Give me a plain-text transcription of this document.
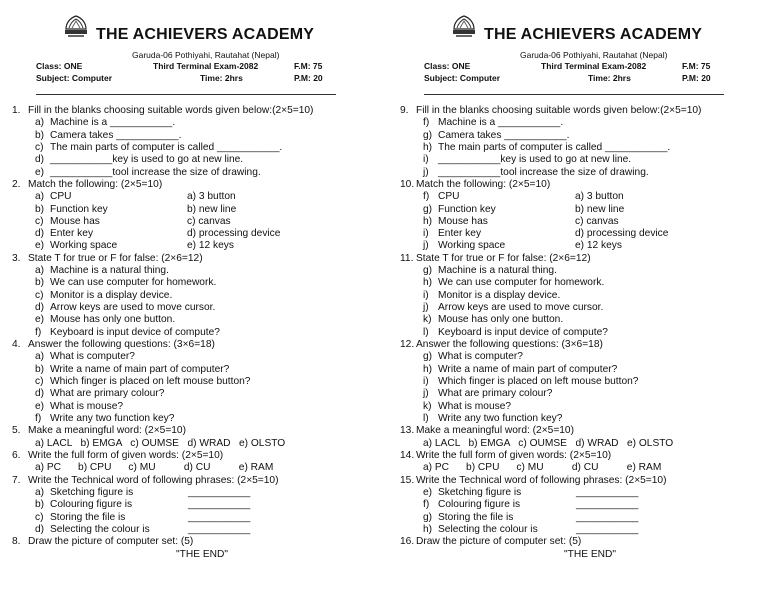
THE ACHIEVERS ACADEMY
Garuda-06 Pothiyahi, Rautahat (Nepal)
Class: ONE	Third Terminal Exam-2082	F.M: 75
Subject: Computer	Time: 2hrs	P.M: 20
1. Fill in the blanks choosing suitable words given below:(2×5=10)
a) Machine is a ___________.
b) Camera takes ___________.
c) The main parts of computer is called ___________.
d) ___________key is used to go at new line.
e) ___________tool increase the size of drawing.
2. Match the following: (2×5=10)
a) CPU	a) 3 button
b) Function key	b) new line
c) Mouse has	c) canvas
d) Enter key	d) processing device
e) Working space	e) 12 keys
3. State T for true or F for false: (2×6=12)
a) Machine is a natural thing.
b) We can use computer for homework.
c) Monitor is a display device.
d) Arrow keys are used to move cursor.
e) Mouse has only one button.
f) Keyboard is input device of compute?
4. Answer the following questions: (3×6=18)
a) What is computer?
b) Write a name of main part of computer?
c) Which finger is placed on left mouse button?
d) What are primary colour?
e) What is mouse?
f) Write any two function key?
5. Make a meaningful word: (2×5=10)
a) LACL   b) EMGA   c) OUMSE   d) WRAD   e) OLSTO
6. Write the full form of given words: (2×5=10)
a) PC      b) CPU      c) MU          d) CU          e) RAM
7. Write the Technical word of following phrases: (2×5=10)
a) Sketching figure is	___________
b) Colouring figure is	___________
c) Storing the file is	___________
d) Selecting the colour is	___________
8. Draw the picture of computer set: (5)
"THE END"
THE ACHIEVERS ACADEMY
Garuda-06 Pothiyahi, Rautahat (Nepal)
Class: ONE	Third Terminal Exam-2082	F.M: 75
Subject: Computer	Time: 2hrs	P.M: 20
9. Fill in the blanks choosing suitable words given below:(2×5=10)
f) Machine is a ___________.
g) Camera takes ___________.
h) The main parts of computer is called ___________.
i) ___________key is used to go at new line.
j) ___________tool increase the size of drawing.
10. Match the following: (2×5=10)
f) CPU	a) 3 button
g) Function key	b) new line
h) Mouse has	c) canvas
i) Enter key	d) processing device
j) Working space	e) 12 keys
11. State T for true or F for false: (2×6=12)
g) Machine is a natural thing.
h) We can use computer for homework.
i) Monitor is a display device.
j) Arrow keys are used to move cursor.
k) Mouse has only one button.
l) Keyboard is input device of compute?
12. Answer the following questions: (3×6=18)
g) What is computer?
h) Write a name of main part of computer?
i) Which finger is placed on left mouse button?
j) What are primary colour?
k) What is mouse?
l) Write any two function key?
13. Make a meaningful word: (2×5=10)
a) LACL   b) EMGA   c) OUMSE   d) WRAD   e) OLSTO
14. Write the full form of given words: (2×5=10)
a) PC      b) CPU      c) MU          d) CU          e) RAM
15. Write the Technical word of following phrases: (2×5=10)
e) Sketching figure is	___________
f) Colouring figure is	___________
g) Storing the file is	___________
h) Selecting the colour is	___________
16. Draw the picture of computer set: (5)
"THE END"
